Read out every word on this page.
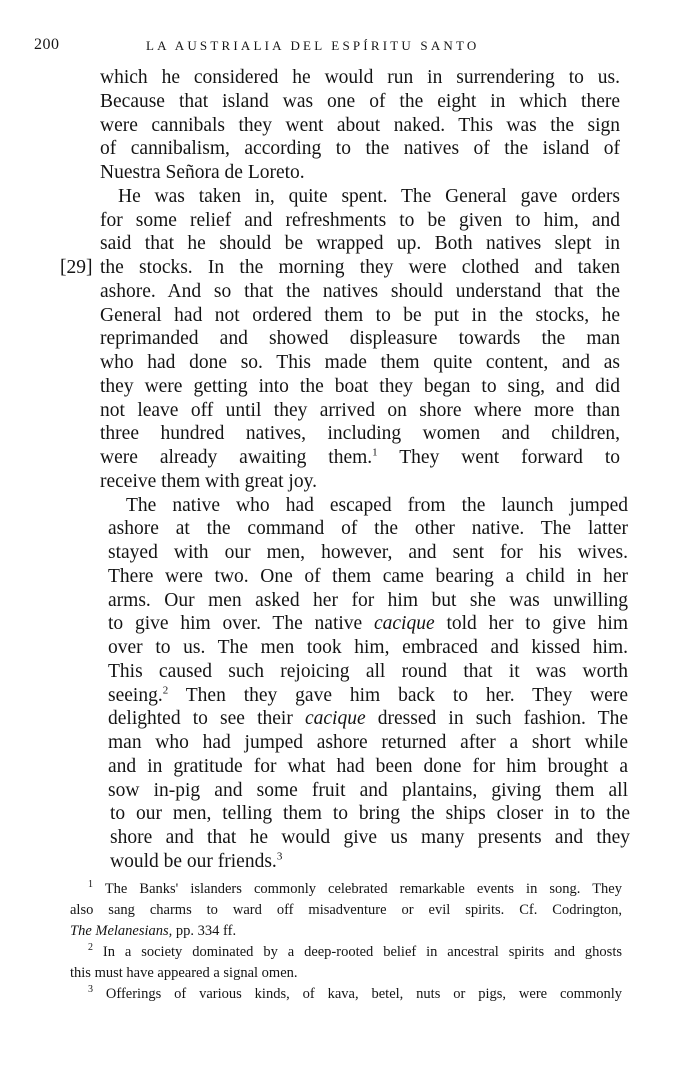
200	LA AUSTRIALIA DEL ESPÍRITU SANTO
which he considered he would run in surrendering to us.
Because that island was one of the eight in which there
were cannibals they went about naked. This was the sign
of cannibalism, according to the natives of the island of
Nuestra Señora de Loreto.
He was taken in, quite spent. The General gave orders
for some relief and refreshments to be given to him, and
said that he should be wrapped up. Both natives slept in
[29] the stocks. In the morning they were clothed and taken
ashore. And so that the natives should understand that the
General had not ordered them to be put in the stocks, he
reprimanded and showed displeasure towards the man
who had done so. This made them quite content, and as
they were getting into the boat they began to sing, and did
not leave off until they arrived on shore where more than
three hundred natives, including women and children,
were already awaiting them.$^1$ They went forward to
receive them with great joy.
The native who had escaped from the launch jumped
ashore at the command of the other native. The latter
stayed with our men, however, and sent for his wives.
There were two. One of them came bearing a child in her
arms. Our men asked her for him but she was unwilling
to give him over. The native cacique told her to give him
over to us. The men took him, embraced and kissed him.
This caused such rejoicing all round that it was worth
seeing.$^2$ Then they gave him back to her. They were
delighted to see their cacique dressed in such fashion. The
man who had jumped ashore returned after a short while
and in gratitude for what had been done for him brought a
sow in-pig and some fruit and plantains, giving them all
to our men, telling them to bring the ships closer in to the
shore and that he would give us many presents and they
would be our friends.$^3$
$^1$ The Banks' islanders commonly celebrated remarkable events in song. They
also sang charms to ward off misadventure or evil spirits. Cf. Codrington,
The Melanesians, pp. 334 ff.
$^2$ In a society dominated by a deep-rooted belief in ancestral spirits and ghosts
this must have appeared a signal omen.
$^3$ Offerings of various kinds, of kava, betel, nuts or pigs, were commonly
